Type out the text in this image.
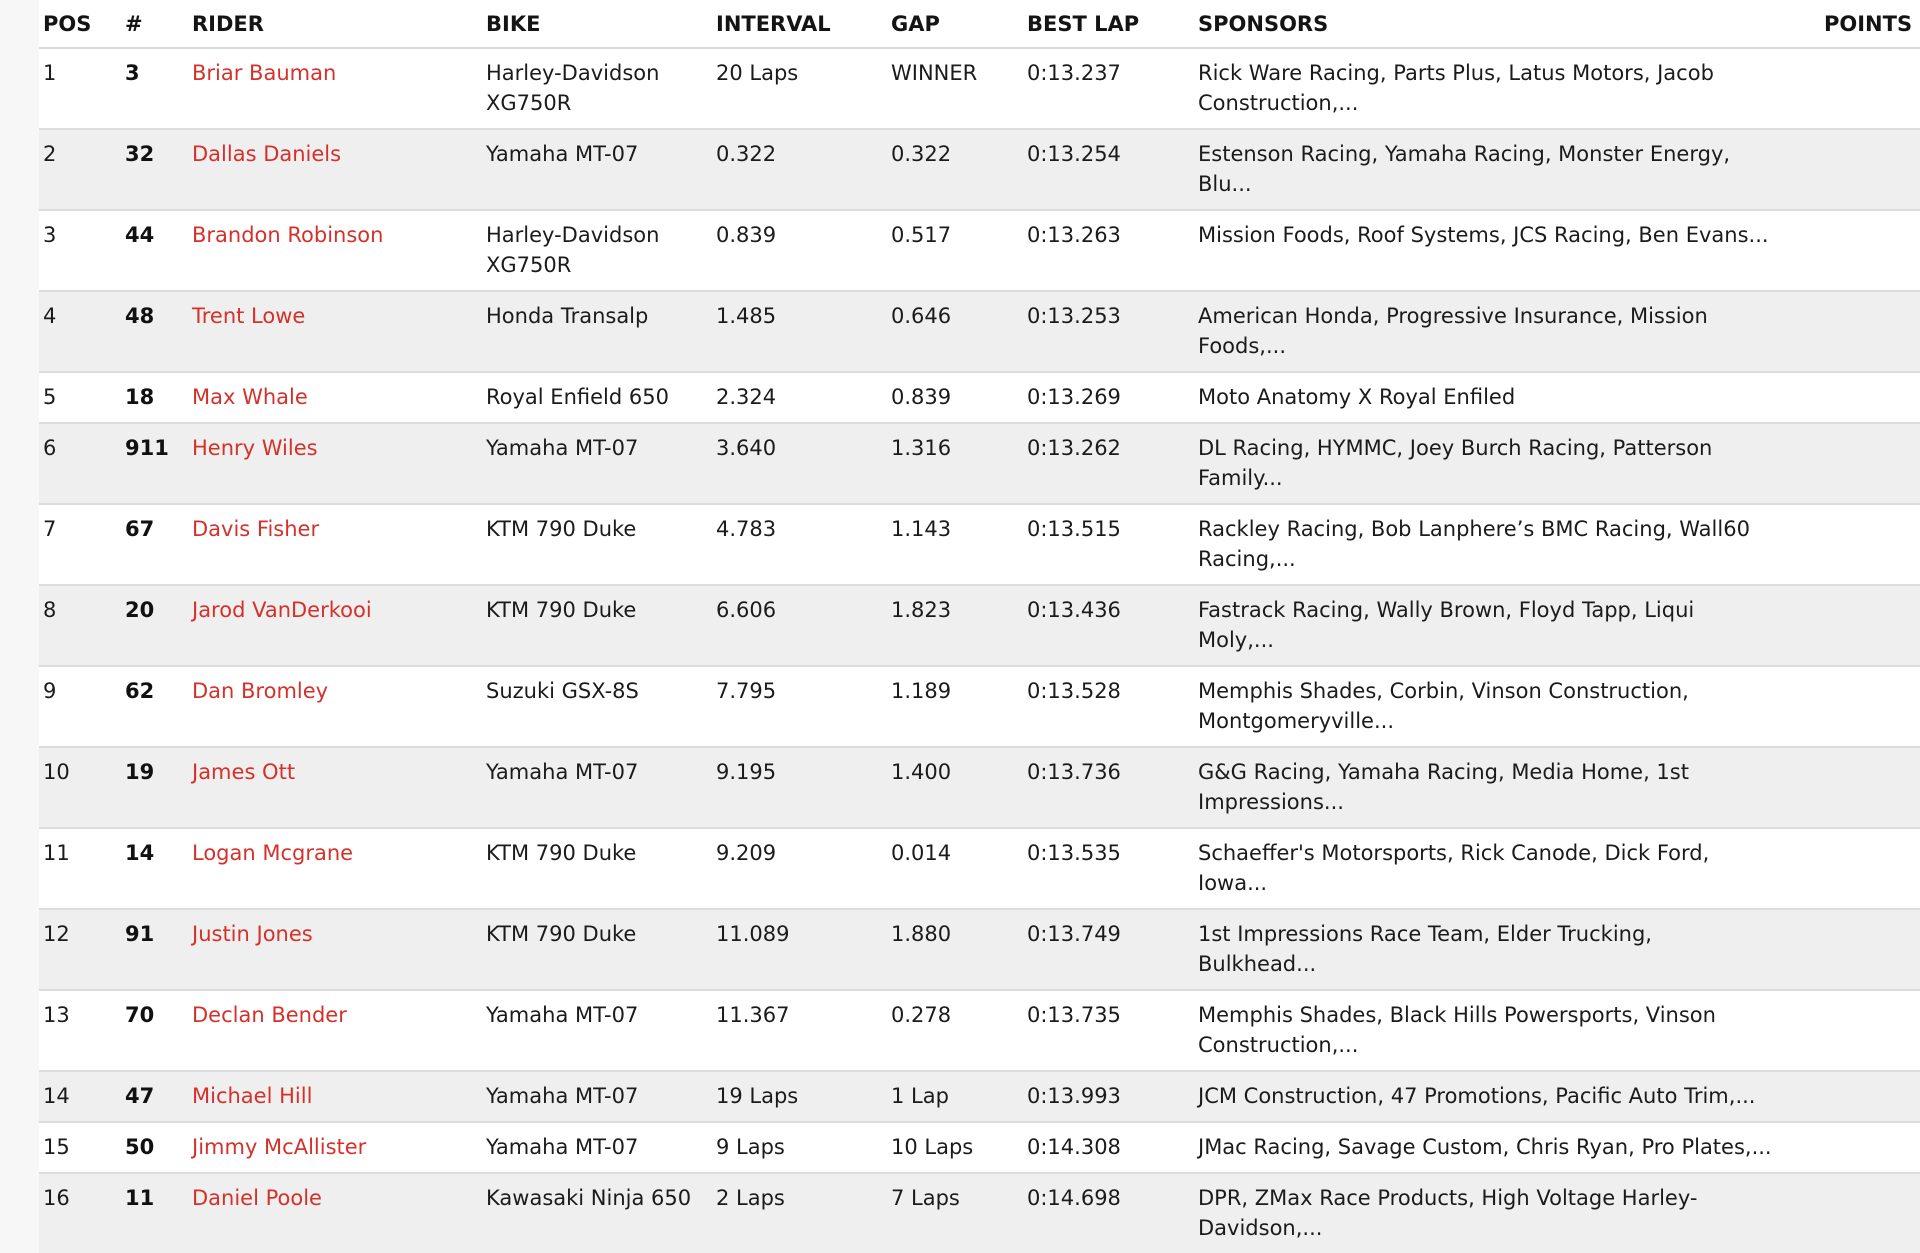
POS	#	RIDER	BIKE	INTERVAL	GAP	BEST LAP	SPONSORS	POINTS
1	3	Briar Bauman	Harley-Davidson XG750R	20 Laps	WINNER	0:13.237	Rick Ware Racing, Parts Plus, Latus Motors, Jacob Construction,...	
2	32	Dallas Daniels	Yamaha MT-07	0.322	0.322	0:13.254	Estenson Racing, Yamaha Racing, Monster Energy, Blu...	
3	44	Brandon Robinson	Harley-Davidson XG750R	0.839	0.517	0:13.263	Mission Foods, Roof Systems, JCS Racing, Ben Evans...	
4	48	Trent Lowe	Honda Transalp	1.485	0.646	0:13.253	American Honda, Progressive Insurance, Mission Foods,...	
5	18	Max Whale	Royal Enfield 650	2.324	0.839	0:13.269	Moto Anatomy X Royal Enfiled	
6	911	Henry Wiles	Yamaha MT-07	3.640	1.316	0:13.262	DL Racing, HYMMC, Joey Burch Racing, Patterson Family...	
7	67	Davis Fisher	KTM 790 Duke	4.783	1.143	0:13.515	Rackley Racing, Bob Lanphere’s BMC Racing, Wall60 Racing,...	
8	20	Jarod VanDerkooi	KTM 790 Duke	6.606	1.823	0:13.436	Fastrack Racing, Wally Brown, Floyd Tapp, Liqui Moly,...	
9	62	Dan Bromley	Suzuki GSX-8S	7.795	1.189	0:13.528	Memphis Shades, Corbin, Vinson Construction, Montgomeryville...	
10	19	James Ott	Yamaha MT-07	9.195	1.400	0:13.736	G&G Racing, Yamaha Racing, Media Home, 1st Impressions...	
11	14	Logan Mcgrane	KTM 790 Duke	9.209	0.014	0:13.535	Schaeffer's Motorsports, Rick Canode, Dick Ford, Iowa...	
12	91	Justin Jones	KTM 790 Duke	11.089	1.880	0:13.749	1st Impressions Race Team, Elder Trucking, Bulkhead...	
13	70	Declan Bender	Yamaha MT-07	11.367	0.278	0:13.735	Memphis Shades, Black Hills Powersports, Vinson Construction,...	
14	47	Michael Hill	Yamaha MT-07	19 Laps	1 Lap	0:13.993	JCM Construction, 47 Promotions, Pacific Auto Trim,...	
15	50	Jimmy McAllister	Yamaha MT-07	9 Laps	10 Laps	0:14.308	JMac Racing, Savage Custom, Chris Ryan, Pro Plates,...	
16	11	Daniel Poole	Kawasaki Ninja 650	2 Laps	7 Laps	0:14.698	DPR, ZMax Race Products, High Voltage Harley-Davidson,...	
